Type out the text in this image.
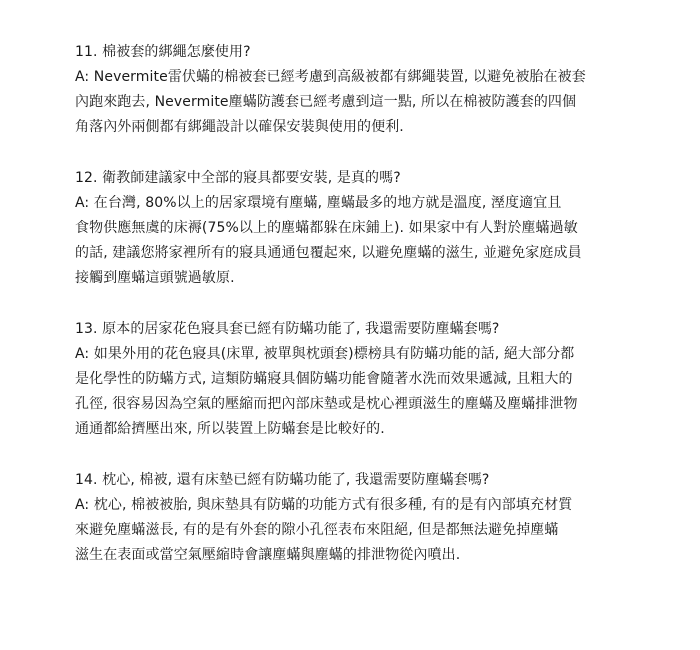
11. 棉被套的綁繩怎麼使用?
A: Nevermite雷伏蟎的棉被套已經考慮到高級被都有綁繩裝置, 以避免被胎在被套
內跑來跑去, Nevermite塵蟎防護套已經考慮到這一點, 所以在棉被防護套的四個
角落內外兩側都有綁繩設計以確保安裝與使用的便利.
12. 衛教師建議家中全部的寢具都要安裝, 是真的嗎?
A: 在台灣, 80%以上的居家環境有塵蟎, 塵蟎最多的地方就是溫度, 溼度適宜且
食物供應無虞的床褥(75%以上的塵蟎都躲在床鋪上). 如果家中有人對於塵蟎過敏
的話, 建議您將家裡所有的寢具通通包覆起來, 以避免塵蟎的滋生, 並避免家庭成員
接觸到塵蟎這頭號過敏原.
13. 原本的居家花色寢具套已經有防蟎功能了, 我還需要防塵蟎套嗎?
A: 如果外用的花色寢具(床單, 被單與枕頭套)標榜具有防蟎功能的話, 絕大部分都
是化學性的防蟎方式, 這類防蟎寢具個防蟎功能會隨著水洗而效果遞減, 且粗大的
孔徑, 很容易因為空氣的壓縮而把內部床墊或是枕心裡頭滋生的塵蟎及塵蟎排泄物
通通都給擠壓出來, 所以裝置上防蟎套是比較好的.
14. 枕心, 棉被, 還有床墊已經有防蟎功能了, 我還需要防塵蟎套嗎?
A: 枕心, 棉被被胎, 與床墊具有防蟎的功能方式有很多種, 有的是有內部填充材質
來避免塵蟎滋長, 有的是有外套的隙小孔徑表布來阻絕, 但是都無法避免掉塵蟎
滋生在表面或當空氣壓縮時會讓塵蟎與塵蟎的排泄物從內噴出.
